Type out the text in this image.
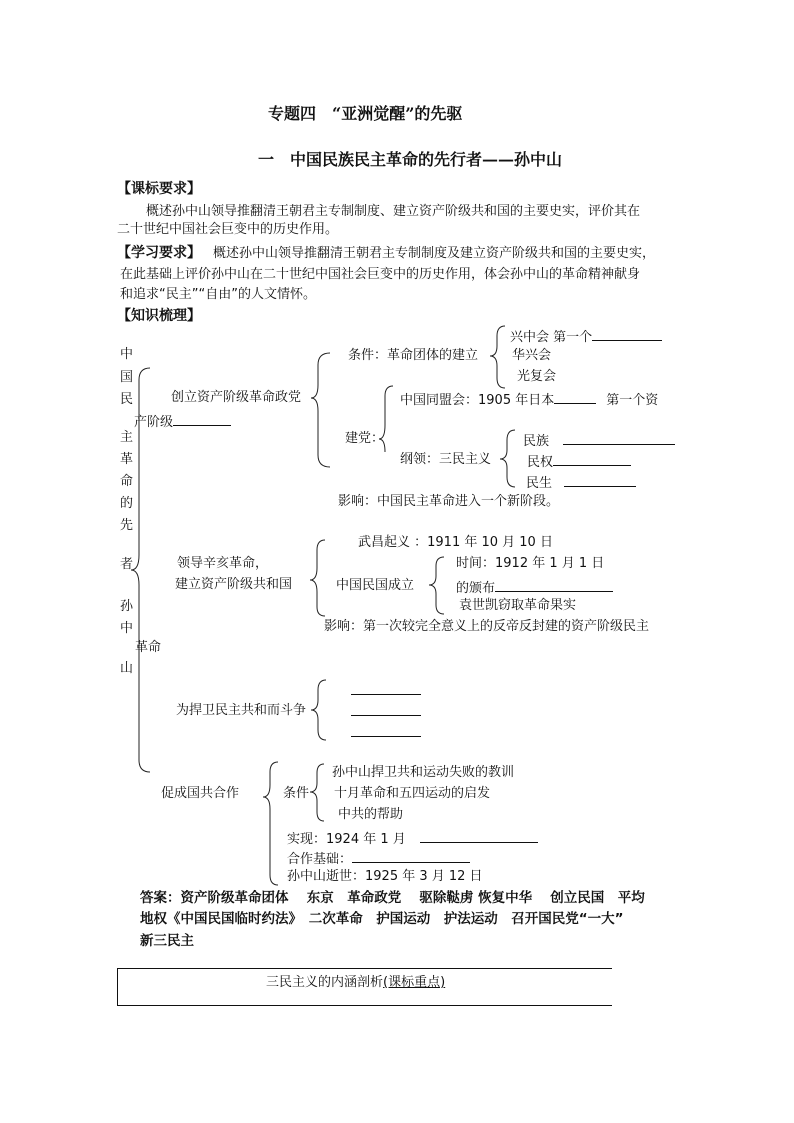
专题四　“亚洲觉醒”的先驱
一　中国民族民主革命的先行者——孙中山
【课标要求】
概述孙中山领导推翻清王朝君主专制制度、建立资产阶级共和国的主要史实，评价其在
二十世纪中国社会巨变中的历史作用。
【学习要求】 概述孙中山领导推翻清王朝君主专制制度及建立资产阶级共和国的主要史实，
在此基础上评价孙中山在二十世纪中国社会巨变中的历史作用，体会孙中山的革命精神献身
和追求“民主”“自由”的人文情怀。
【知识梳理】
中
国
民
主
革
命
的
先
者
孙
中
山
创立资产阶级革命政党
产阶级
条件：革命团体的建立
兴中会 第一个
华兴会
光复会
中国同盟会：1905 年日本	第一个资
建党：
纲领：三民主义
民族
民权
民生
影响：中国民主革命进入一个新阶段。
领导辛亥革命，
建立资产阶级共和国
武昌起义 ：1911 年 10 月 10 日
中国民国成立
时间：1912 年 1 月 1 日
的颁布
袁世凯窃取革命果实
影响：第一次较完全意义上的反帝反封建的资产阶级民主
革命
为捍卫民主共和而斗争
促成国共合作	条件
孙中山捍卫共和运动失败的教训
十月革命和五四运动的启发
中共的帮助
实现：1924 年 1 月
合作基础：
孙中山逝世：1925 年 3 月 12 日
答案：资产阶级革命团体　 东京　革命政党　 驱除鞑虏 恢复中华　 创立民国　平均
地权《中国民国临时约法》　二次革命　护国运动　护法运动　召开国民党“一大”
新三民主
三民主义的内涵剖析(课标重点)
